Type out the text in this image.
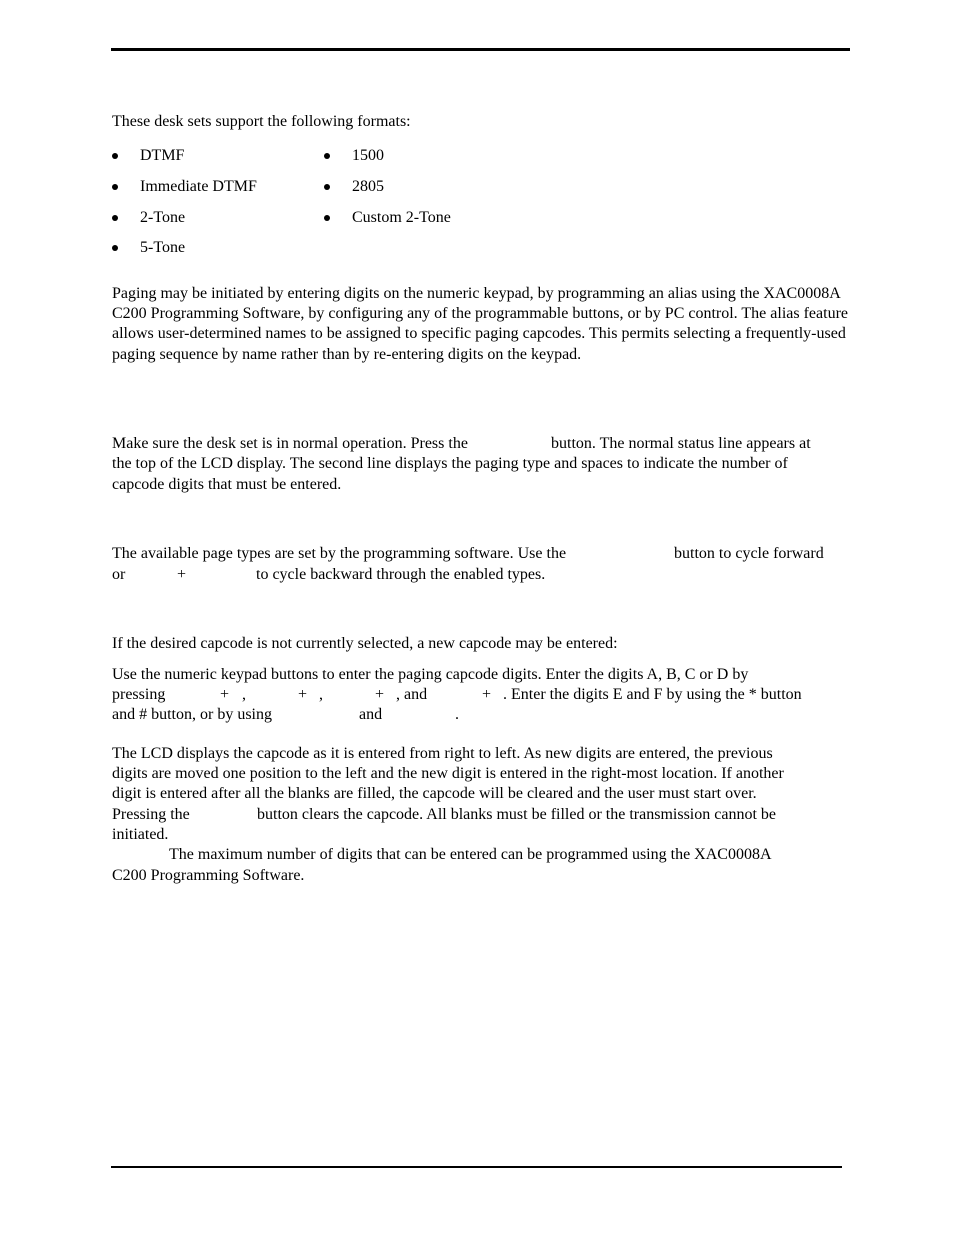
These desk sets support the following formats:
DTMF
Immediate DTMF
2-Tone
5-Tone
1500
2805
Custom 2-Tone

Paging may be initiated by entering digits on the numeric keypad, by programming an alias using the XAC0008A C200 Programming Software, by configuring any of the programmable buttons, or by PC control. The alias feature allows user-determined names to be assigned to specific paging capcodes. This permits selecting a frequently-used paging sequence by name rather than by re-entering digits on the keypad.

Make sure the desk set is in normal operation. Press the	button. The normal status line appears at
the top of the LCD display. The second line displays the paging type and spaces to indicate the number of
capcode digits that must be entered.
The available page types are set by the programming software. Use the	button to cycle forward
or	+	to cycle backward through the enabled types.
If the desired capcode is not currently selected, a new capcode may be entered:
Use the numeric keypad buttons to enter the paging capcode digits. Enter the digits A, B, C or D by
pressing	+ ,	+ ,	+ , and	+ . Enter the digits E and F by using the * button
and # button, or by using	and	.
The LCD displays the capcode as it is entered from right to left. As new digits are entered, the previous
digits are moved one position to the left and the new digit is entered in the right-most location. If another
digit is entered after all the blanks are filled, the capcode will be cleared and the user must start over.
Pressing the	button clears the capcode. All blanks must be filled or the transmission cannot be
initiated.
The maximum number of digits that can be entered can be programmed using the XAC0008A
C200 Programming Software.
